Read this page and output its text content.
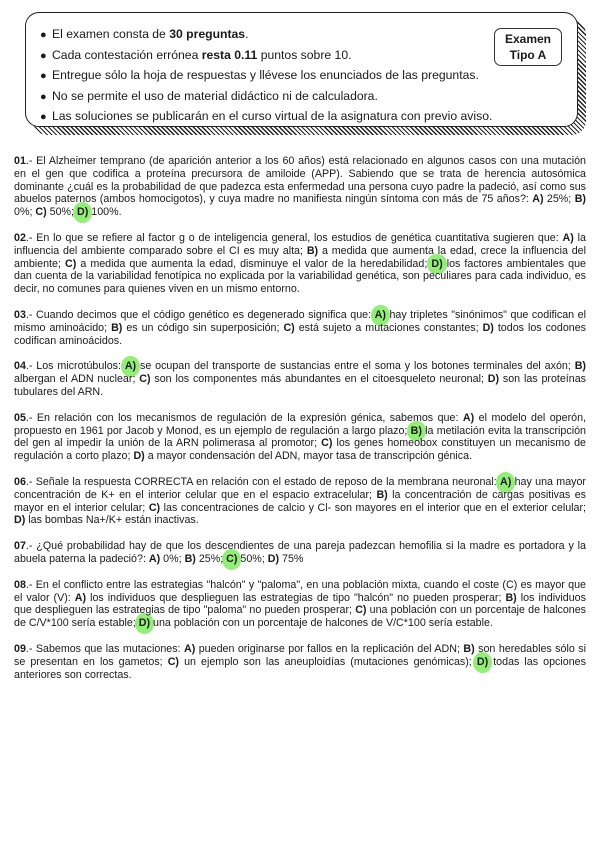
● El examen consta de 30 preguntas.
● Cada contestación errónea resta 0.11 puntos sobre 10.
● Entregue sólo la hoja de respuestas y llévese los enunciados de las preguntas.
● No se permite el uso de material didáctico ni de calculadora.
● Las soluciones se publicarán en el curso virtual de la asignatura con previo aviso.
Examen
Tipo A

01.- El Alzheimer temprano (de aparición anterior a los 60 años) está relacionado en algunos casos con una mutación en el gen que codifica a proteína precursora de amiloide (APP). Sabiendo que se trata de herencia autosómica dominante ¿cuál es la probabilidad de que padezca esta enfermedad una persona cuyo padre la padeció, así como sus abuelos paternos (ambos homocigotos), y cuya madre no manifiesta ningún síntoma con más de 75 años?: A) 25%; B) 0%; C) 50%; D) 100%.

02.- En lo que se refiere al factor g o de inteligencia general, los estudios de genética cuantitativa sugieren que: A) la influencia del ambiente comparado sobre el CI es muy alta; B) a medida que aumenta la edad, crece la influencia del ambiente; C) a medida que aumenta la edad, disminuye el valor de la heredabilidad; D) los factores ambientales que dan cuenta de la variabilidad fenotípica no explicada por la variabilidad genética, son peculiares para cada individuo, es decir, no comunes para quienes viven en un mismo entorno.

03.- Cuando decimos que el código genético es degenerado significa que: A) hay tripletes "sinónimos" que codifican el mismo aminoácido; B) es un código sin superposición; C) está sujeto a mutaciones constantes; D) todos los codones codifican aminoácidos.

04.- Los microtúbulos: A) se ocupan del transporte de sustancias entre el soma y los botones terminales del axón; B) albergan el ADN nuclear; C) son los componentes más abundantes en el citoesqueleto neuronal; D) son las proteínas tubulares del ARN.

05.- En relación con los mecanismos de regulación de la expresión génica, sabemos que: A) el modelo del operón, propuesto en 1961 por Jacob y Monod, es un ejemplo de regulación a largo plazo; B) la metilación evita la transcripción del gen al impedir la unión de la ARN polimerasa al promotor; C) los genes homeobox constituyen un mecanismo de regulación a corto plazo; D) a mayor condensación del ADN, mayor tasa de transcripción génica.

06.- Señale la respuesta CORRECTA en relación con el estado de reposo de la membrana neuronal: A) hay una mayor concentración de K+ en el interior celular que en el espacio extracelular; B) la concentración de cargas positivas es mayor en el interior celular; C) las concentraciones de calcio y Cl- son mayores en el interior que en el exterior celular; D) las bombas Na+/K+ están inactivas.

07.- ¿Qué probabilidad hay de que los descendientes de una pareja padezcan hemofilia si la madre es portadora y la abuela paterna la padeció?: A) 0%; B) 25%; C) 50%; D) 75%

08.- En el conflicto entre las estrategias "halcón" y "paloma", en una población mixta, cuando el coste (C) es mayor que el valor (V): A) los individuos que desplieguen las estrategias de tipo "halcón" no pueden prosperar; B) los individuos que desplieguen las estrategias de tipo "paloma" no pueden prosperar; C) una población con un porcentaje de halcones de C/V*100 sería estable; D) una población con un porcentaje de halcones de V/C*100 sería estable.

09.- Sabemos que las mutaciones: A) pueden originarse por fallos en la replicación del ADN; B) son heredables sólo si se presentan en los gametos; C) un ejemplo son las aneuploidías (mutaciones genómicas); D) todas las opciones anteriores son correctas.
